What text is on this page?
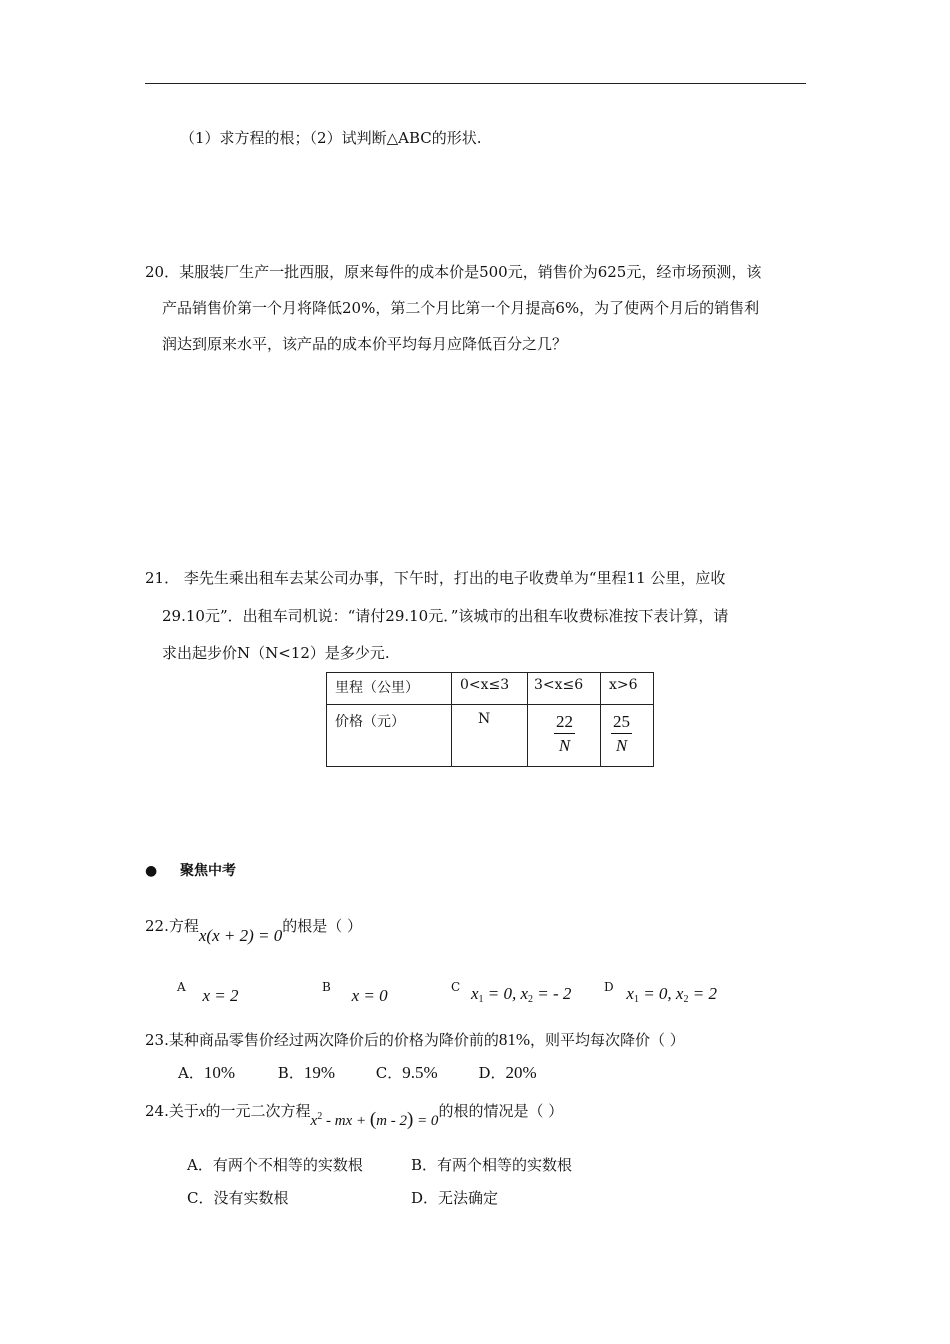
（1）求方程的根；（2）试判断△ABC的形状.
20．某服装厂生产一批西服，原来每件的成本价是500元，销售价为625元，经市场预测，该
产品销售价第一个月将降低20%，第二个月比第一个月提高6%，为了使两个月后的销售利
润达到原来水平，该产品的成本价平均每月应降低百分之几？
21． 李先生乘出租车去某公司办事，下午时，打出的电子收费单为“里程11 公里，应收
29.10元”．出租车司机说：“请付29.10元．”该城市的出租车收费标准按下表计算，请
求出起步价N（N<12）是多少元.
里程（公里）	0<x≤3	3<x≤6	x>6
价格（元）	N	$\frac{22}{N}$	$\frac{25}{N}$
● 聚焦中考
22.方程x(x + 2) = 0的根是（ ）
A x = 2	B x = 0	C $x_1 = 0$, $x_2$ = - 2	D $x_1 = 0$, $x_2 = 2$
23.某种商品零售价经过两次降价后的价格为降价前的81%，则平均每次降价（ ）
A．10%	B．19%	C．9.5%	D．20%
24.关于x的一元二次方程$x^2$ - mx + (m - 2) = 0的根的情况是（ ）
A．有两个不相等的实数根	B．有两个相等的实数根
C．没有实数根	D．无法确定
